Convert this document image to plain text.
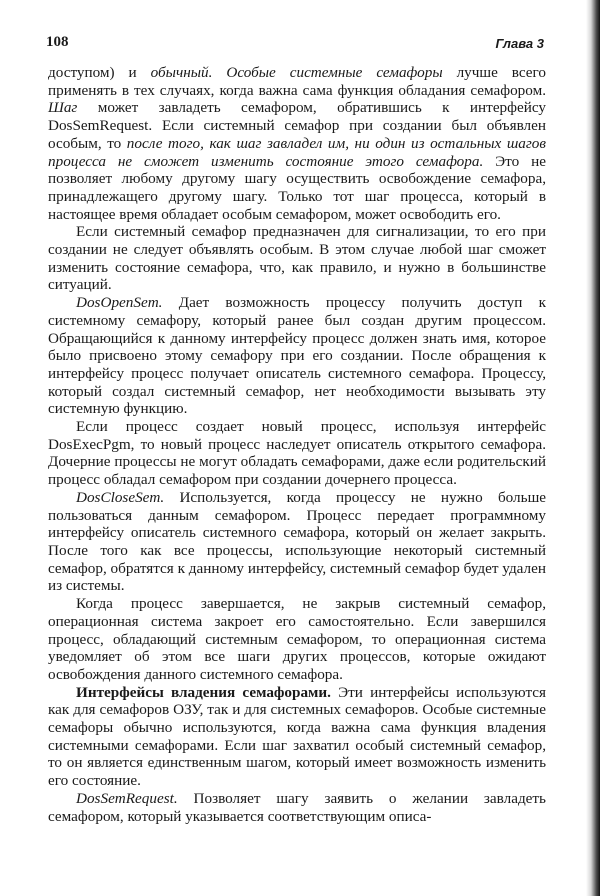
108	Глава 3

доступом) и обычный. Особые системные семафоры лучше всего применять в тех случаях, когда важна сама функция обладания семафором. Шаг может завладеть семафором, обратившись к интерфейсу DosSemRequest. Если системный семафор при создании был объявлен особым, то после того, как шаг завладел им, ни один из остальных шагов процесса не сможет изменить состояние этого семафора. Это не позволяет любому другому шагу осуществить освобождение семафора, принадлежащего другому шагу. Только тот шаг процесса, который в настоящее время обладает особым семафором, может освободить его.

Если системный семафор предназначен для сигнализации, то его при создании не следует объявлять особым. В этом случае любой шаг сможет изменить состояние семафора, что, как правило, и нужно в большинстве ситуаций.

DosOpenSem. Дает возможность процессу получить доступ к системному семафору, который ранее был создан другим процессом. Обращающийся к данному интерфейсу процесс должен знать имя, которое было присвоено этому семафору при его создании. После обращения к интерфейсу процесс получает описатель системного семафора. Процессу, который создал системный семафор, нет необходимости вызывать эту системную функцию.

Если процесс создает новый процесс, используя интерфейс DosExecPgm, то новый процесс наследует описатель открытого семафора. Дочерние процессы не могут обладать семафорами, даже если родительский процесс обладал семафором при создании дочернего процесса.

DosCloseSem. Используется, когда процессу не нужно больше пользоваться данным семафором. Процесс передает программному интерфейсу описатель системного семафора, который он желает закрыть. После того как все процессы, использующие некоторый системный семафор, обратятся к данному интерфейсу, системный семафор будет удален из системы.

Когда процесс завершается, не закрыв системный семафор, операционная система закроет его самостоятельно. Если завершился процесс, обладающий системным семафором, то операционная система уведомляет об этом все шаги других процессов, которые ожидают освобождения данного системного семафора.

Интерфейсы владения семафорами. Эти интерфейсы используются как для семафоров ОЗУ, так и для системных семафоров. Особые системные семафоры обычно используются, когда важна сама функция владения системными семафорами. Если шаг захватил особый системный семафор, то он является единственным шагом, который имеет возможность изменить его состояние.

DosSemRequest. Позволяет шагу заявить о желании завладеть семафором, который указывается соответствующим описа-
